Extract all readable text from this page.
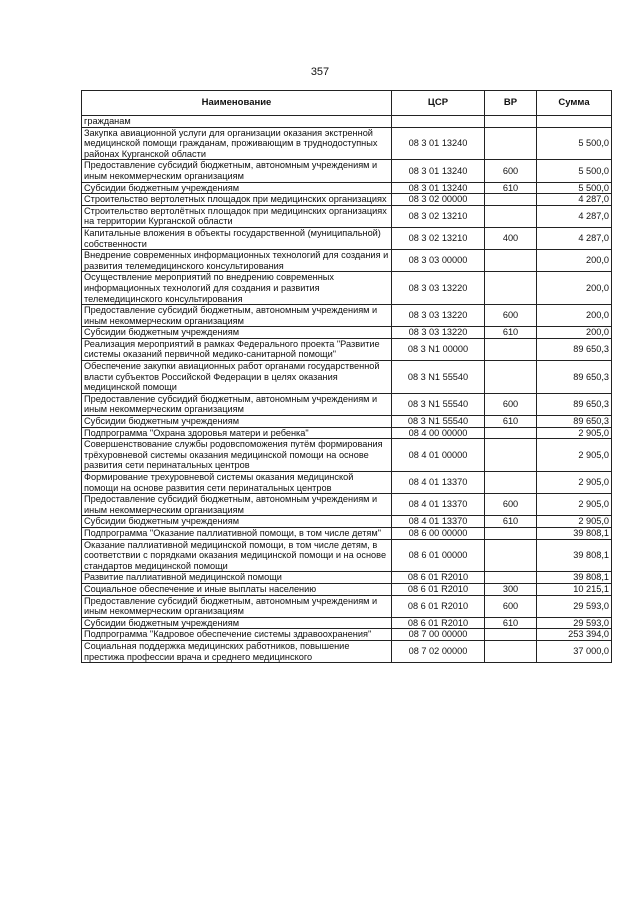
357
Наименование	ЦСР	ВР	Сумма
гражданам			
Закупка авиационной услуги для организации оказания экстренной медицинской помощи гражданам, проживающим в труднодоступных районах Курганской области	08 3 01 13240		5 500,0
Предоставление субсидий бюджетным, автономным учреждениям и иным некоммерческим организациям	08 3 01 13240	600	5 500,0
Субсидии бюджетным учреждениям	08 3 01 13240	610	5 500,0
Строительство вертолетных площадок при медицинских организациях	08 3 02 00000		4 287,0
Строительство вертолётных площадок при медицинских организациях на территории Курганской области	08 3 02 13210		4 287,0
Капитальные вложения в объекты государственной (муниципальной) собственности	08 3 02 13210	400	4 287,0
Внедрение современных информационных технологий для создания и развития телемедицинского консультирования	08 3 03 00000		200,0
Осуществление мероприятий по внедрению современных информационных технологий для создания и развития телемедицинского консультирования	08 3 03 13220		200,0
Предоставление субсидий бюджетным, автономным учреждениям и иным некоммерческим организациям	08 3 03 13220	600	200,0
Субсидии бюджетным учреждениям	08 3 03 13220	610	200,0
Реализация мероприятий в рамках Федерального проекта "Развитие системы оказаний первичной медико-санитарной помощи"	08 3 N1 00000		89 650,3
Обеспечение закупки авиационных работ органами государственной власти субъектов Российской Федерации в целях оказания медицинской помощи	08 3 N1 55540		89 650,3
Предоставление субсидий бюджетным, автономным учреждениям и иным некоммерческим организациям	08 3 N1 55540	600	89 650,3
Субсидии бюджетным учреждениям	08 3 N1 55540	610	89 650,3
Подпрограмма "Охрана здоровья матери и ребенка"	08 4 00 00000		2 905,0
Совершенствование службы родовспоможения путём формирования трёхуровневой системы оказания медицинской помощи на основе развития сети перинатальных центров	08 4 01 00000		2 905,0
Формирование трехуровневой системы оказания медицинской помощи на основе развития сети перинатальных центров	08 4 01 13370		2 905,0
Предоставление субсидий бюджетным, автономным учреждениям и иным некоммерческим организациям	08 4 01 13370	600	2 905,0
Субсидии бюджетным учреждениям	08 4 01 13370	610	2 905,0
Подпрограмма "Оказание паллиативной помощи, в том числе детям"	08 6 00 00000		39 808,1
Оказание паллиативной медицинской помощи, в том числе детям, в соответствии с порядками оказания медицинской помощи и на основе стандартов медицинской помощи	08 6 01 00000		39 808,1
Развитие паллиативной медицинской помощи	08 6 01 R2010		39 808,1
Социальное обеспечение и иные выплаты населению	08 6 01 R2010	300	10 215,1
Предоставление субсидий бюджетным, автономным учреждениям и иным некоммерческим организациям	08 6 01 R2010	600	29 593,0
Субсидии бюджетным учреждениям	08 6 01 R2010	610	29 593,0
Подпрограмма "Кадровое обеспечение системы здравоохранения"	08 7 00 00000		253 394,0
Социальная поддержка медицинских работников, повышение престижа профессии врача и среднего медицинского	08 7 02 00000		37 000,0
